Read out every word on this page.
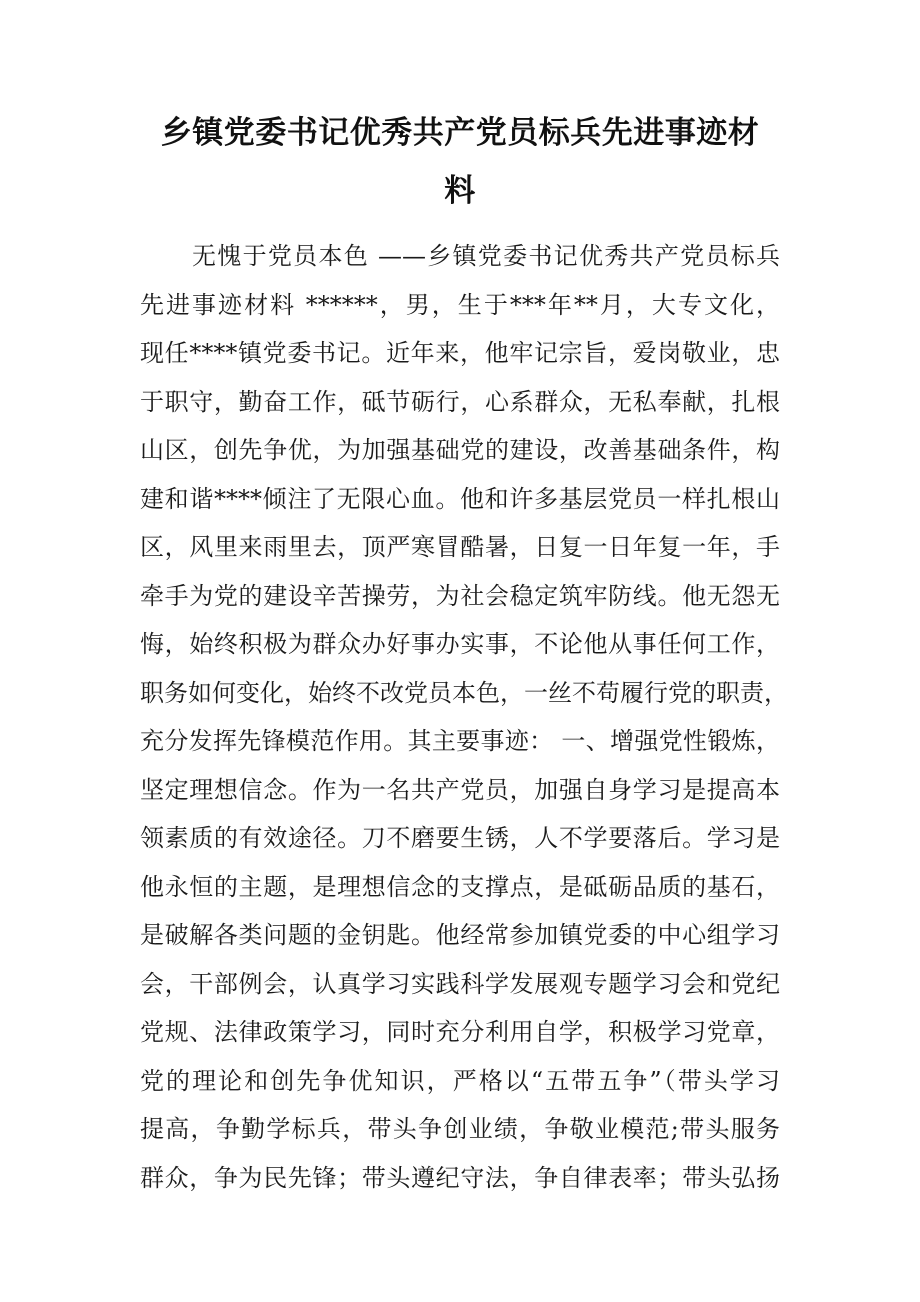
乡镇党委书记优秀共产党员标兵先进事迹材
料
无愧于党员本色 ——乡镇党委书记优秀共产党员标兵
先进事迹材料 ******，男，生于***年**月，大专文化，
现任****镇党委书记。近年来，他牢记宗旨，爱岗敬业，忠
于职守，勤奋工作，砥节砺行，心系群众，无私奉献，扎根
山区，创先争优，为加强基础党的建设，改善基础条件，构
建和谐****倾注了无限心血。他和许多基层党员一样扎根山
区，风里来雨里去，顶严寒冒酷暑，日复一日年复一年，手
牵手为党的建设辛苦操劳，为社会稳定筑牢防线。他无怨无
悔，始终积极为群众办好事办实事，不论他从事任何工作，
职务如何变化，始终不改党员本色，一丝不苟履行党的职责，
充分发挥先锋模范作用。其主要事迹： 一、增强党性锻炼，
坚定理想信念。作为一名共产党员，加强自身学习是提高本
领素质的有效途径。刀不磨要生锈，人不学要落后。学习是
他永恒的主题，是理想信念的支撑点，是砥砺品质的基石，
是破解各类问题的金钥匙。他经常参加镇党委的中心组学习
会，干部例会，认真学习实践科学发展观专题学习会和党纪
党规、法律政策学习，同时充分利用自学，积极学习党章，
党的理论和创先争优知识，严格以“五带五争”（带头学习
提高，争勤学标兵，带头争创业绩，争敬业模范;带头服务
群众，争为民先锋；带头遵纪守法，争自律表率；带头弘扬
